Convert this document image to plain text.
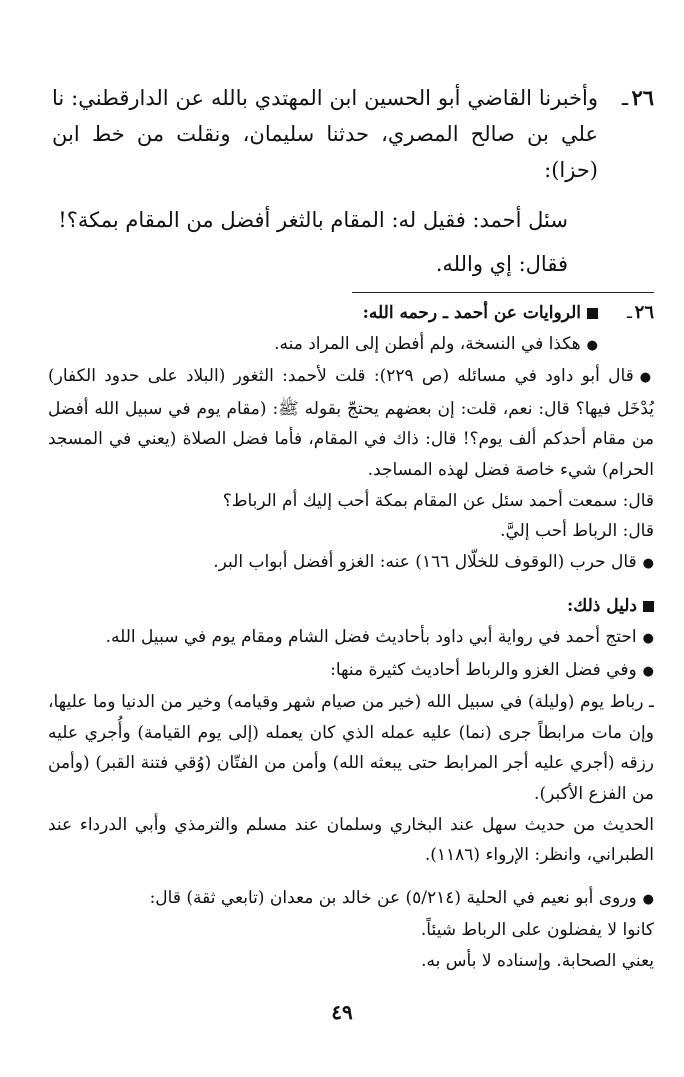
٢٦
ـ

وأخبرنا القاضي أبو الحسين ابن المهتدي بالله عن الدارقطني: نا علي بن صالح المصري، حدثنا سليمان، ونقلت من خط ابن (حزا):

سئل أحمد: فقيل له: المقام بالثغر أفضل من المقام بمكة؟!
فقال: إي والله.
٢٦
ـ
الروايات عن أحمد ـ رحمه الله:
● هكذا في النسخة، ولم أفطن إلى المراد منه.
● قال أبو داود في مسائله (ص ٢٢٩): قلت لأحمد: الثغور (البلاد على حدود الكفار) يُدْخَل فيها؟ قال: نعم، قلت: إن بعضهم يحتجّ بقوله ﷺ: (مقام يوم في سبيل الله أفضل من مقام أحدكم ألف يوم؟! قال: ذاك في المقام، فأما فضل الصلاة (يعني في المسجد الحرام) شيء خاصة فضل لهذه المساجد.
قال: سمعت أحمد سئل عن المقام بمكة أحب إليك أم الرباط؟
قال: الرباط أحب إليَّ.
● قال حرب (الوقوف للخلّال ١٦٦) عنه: الغزو أفضل أبواب البر.
دليل ذلك:
● احتج أحمد في رواية أبي داود بأحاديث فضل الشام ومقام يوم في سبيل الله.
● وفي فضل الغزو والرباط أحاديث كثيرة منها:
ـ رباط يوم (وليلة) في سبيل الله (خير من صيام شهر وقيامه) وخير من الدنيا وما عليها، وإن مات مرابطاً جرى (نما) عليه عمله الذي كان يعمله (إلى يوم القيامة) وأُجري عليه رزقه (أجري عليه أجر المرابط حتى يبعثه الله) وأمن من الفتّان (وُقي فتنة القبر) (وأمن من الفزع الأكبر).
الحديث من حديث سهل عند البخاري وسلمان عند مسلم والترمذي وأبي الدرداء عند الطبراني، وانظر: الإرواء (١١٨٦).
● وروى أبو نعيم في الحلية (٥/٢١٤) عن خالد بن معدان (تابعي ثقة) قال:
كانوا لا يفضلون على الرباط شيئاً.
يعني الصحابة. وإسناده لا بأس به.
٤٩
